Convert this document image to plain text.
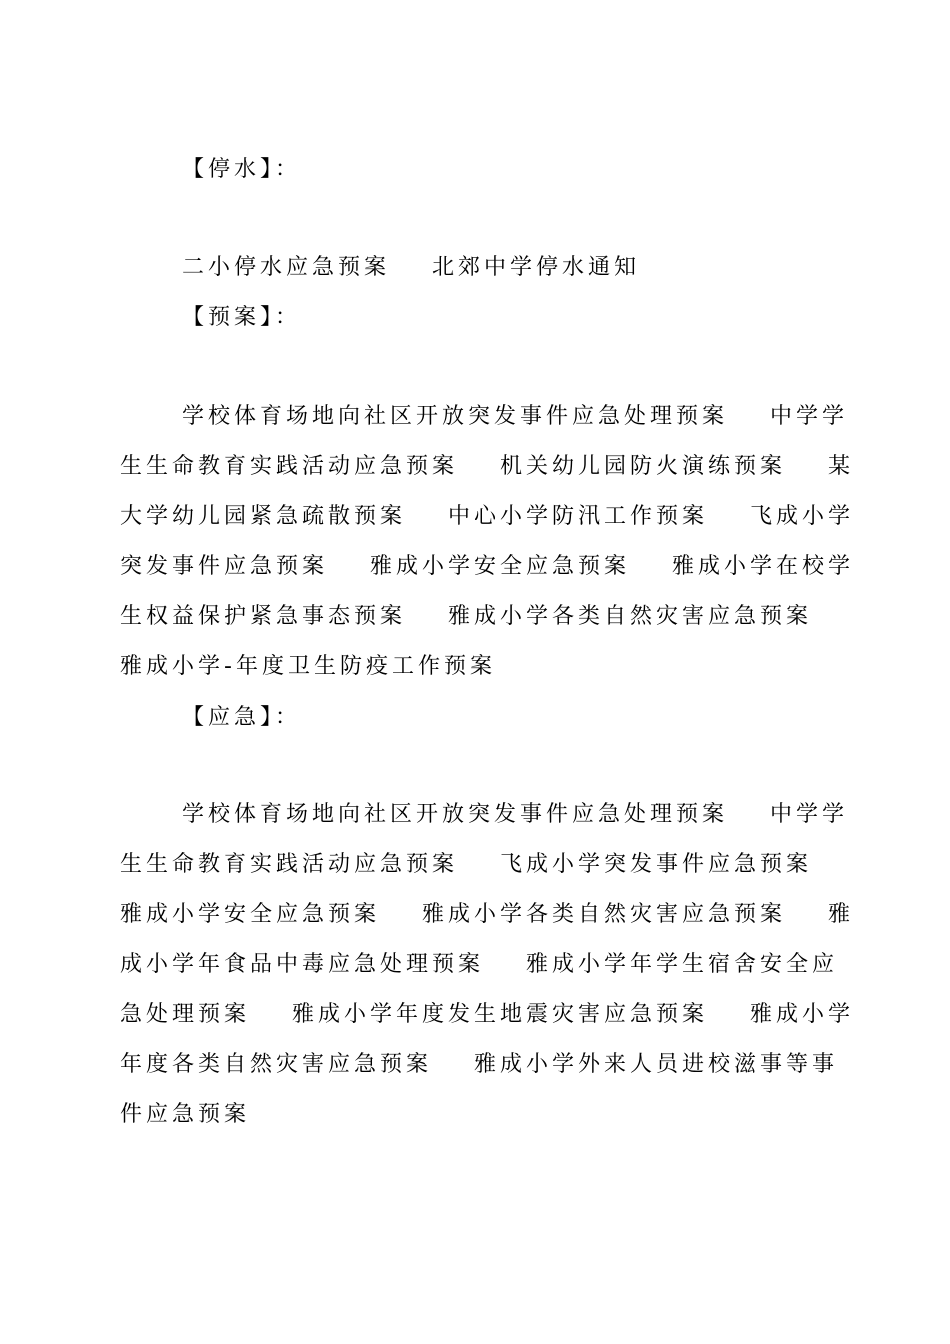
【停水】：
二小停水应急预案 北郊中学停水通知
【预案】：
学校体育场地向社区开放突发事件应急处理预案 中学学
生生命教育实践活动应急预案 机关幼儿园防火演练预案 某
大学幼儿园紧急疏散预案 中心小学防汛工作预案 飞成小学
突发事件应急预案 雅成小学安全应急预案 雅成小学在校学
生权益保护紧急事态预案 雅成小学各类自然灾害应急预案
雅成小学-年度卫生防疫工作预案
【应急】：
学校体育场地向社区开放突发事件应急处理预案 中学学
生生命教育实践活动应急预案 飞成小学突发事件应急预案
雅成小学安全应急预案 雅成小学各类自然灾害应急预案 雅
成小学年食品中毒应急处理预案 雅成小学年学生宿舍安全应
急处理预案 雅成小学年度发生地震灾害应急预案 雅成小学
年度各类自然灾害应急预案 雅成小学外来人员进校滋事等事
件应急预案
